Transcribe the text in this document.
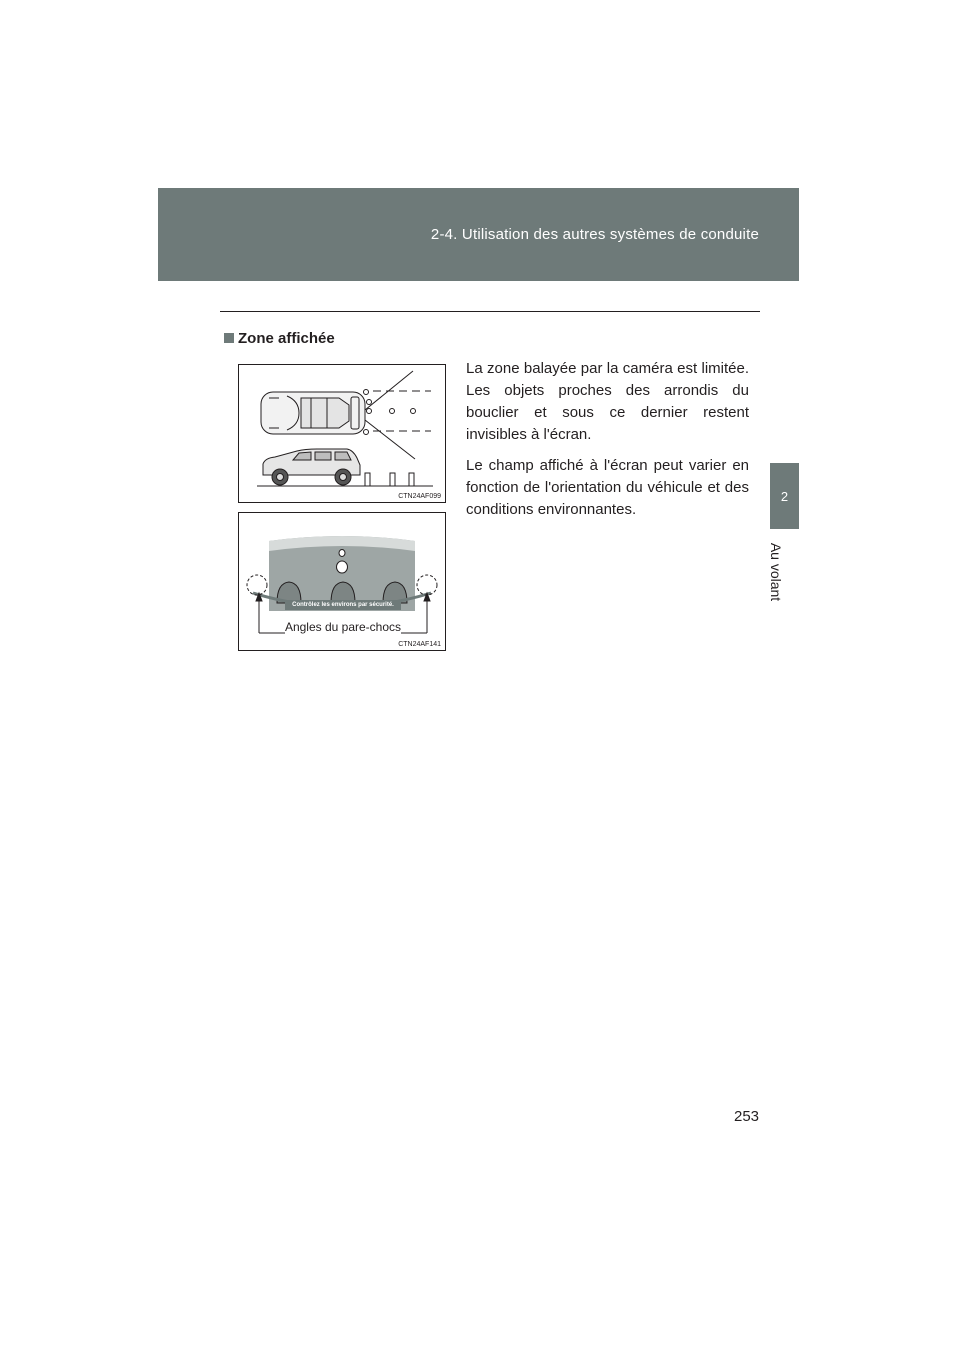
2-4. Utilisation des autres systèmes de conduite
2
Au volant
Zone affichée

La zone balayée par la caméra est limitée. Les objets proches des arrondis du bouclier et sous ce dernier restent invisibles à l'écran.

Le champ affiché à l'écran peut varier en fonction de l'orientation du véhicule et des conditions environnantes.

CTN24AF099
Contrôlez les environs par sécurité.
Angles du pare-chocs
CTN24AF141
253
